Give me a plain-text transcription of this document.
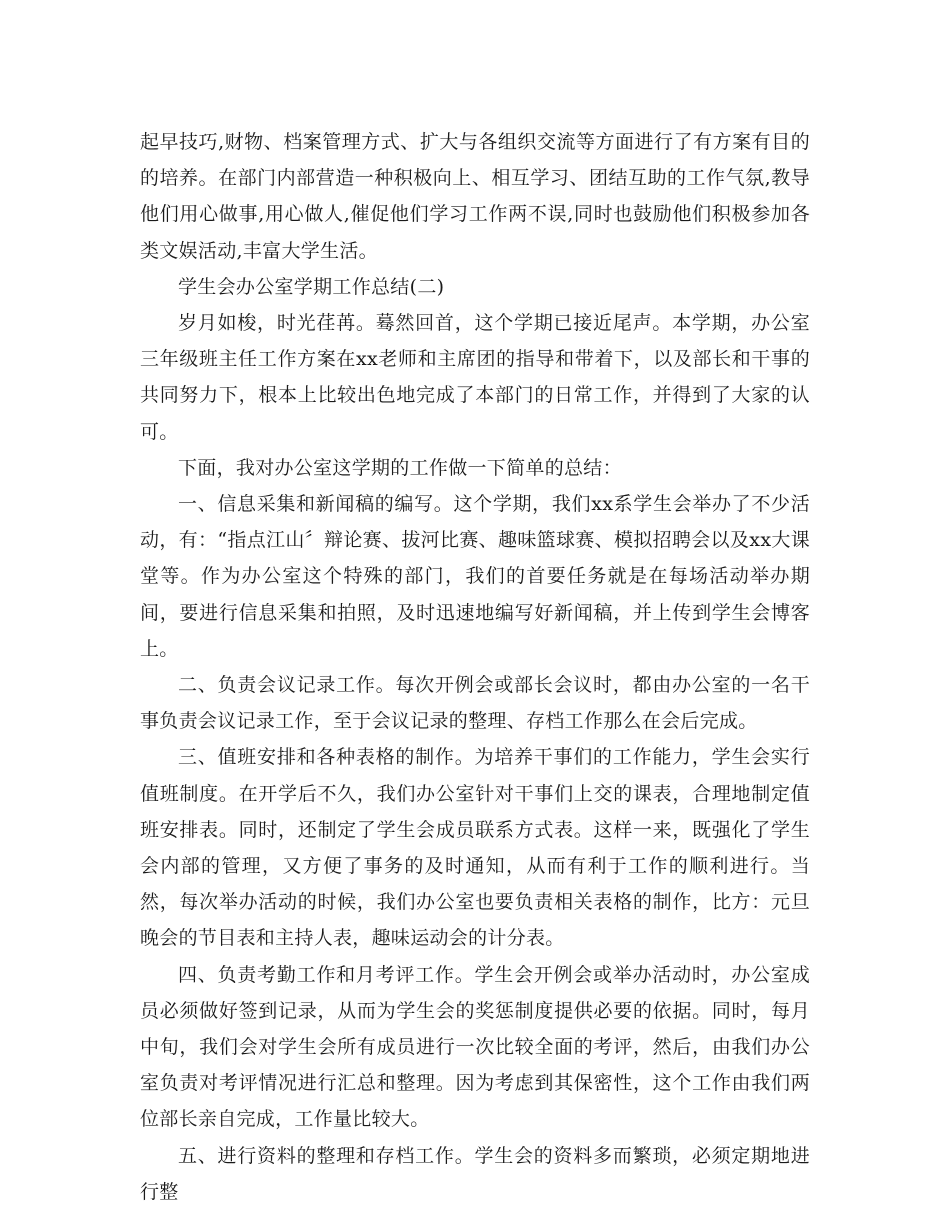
起早技巧,财物、档案管理方式、扩大与各组织交流等方面进行了有方案有目的的培养。在部门内部营造一种积极向上、相互学习、团结互助的工作气氛,教导他们用心做事,用心做人,催促他们学习工作两不误,同时也鼓励他们积极参加各类文娱活动,丰富大学生活。

学生会办公室学期工作总结(二)

岁月如梭，时光荏苒。蓦然回首，这个学期已接近尾声。本学期，办公室三年级班主任工作方案在xx老师和主席团的指导和带着下，以及部长和干事的共同努力下，根本上比较出色地完成了本部门的日常工作，并得到了大家的认可。

下面，我对办公室这学期的工作做一下简单的总结：

一、信息采集和新闻稿的编写。这个学期，我们xx系学生会举办了不少活动，有：“指点江山〞辩论赛、拔河比赛、趣味篮球赛、模拟招聘会以及xx大课堂等。作为办公室这个特殊的部门，我们的首要任务就是在每场活动举办期间，要进行信息采集和拍照，及时迅速地编写好新闻稿，并上传到学生会博客上。

二、负责会议记录工作。每次开例会或部长会议时，都由办公室的一名干事负责会议记录工作，至于会议记录的整理、存档工作那么在会后完成。

三、值班安排和各种表格的制作。为培养干事们的工作能力，学生会实行值班制度。在开学后不久，我们办公室针对干事们上交的课表，合理地制定值班安排表。同时，还制定了学生会成员联系方式表。这样一来，既强化了学生会内部的管理，又方便了事务的及时通知，从而有利于工作的顺利进行。当然，每次举办活动的时候，我们办公室也要负责相关表格的制作，比方：元旦晚会的节目表和主持人表，趣味运动会的计分表。

四、负责考勤工作和月考评工作。学生会开例会或举办活动时，办公室成员必须做好签到记录，从而为学生会的奖惩制度提供必要的依据。同时，每月中旬，我们会对学生会所有成员进行一次比较全面的考评，然后，由我们办公室负责对考评情况进行汇总和整理。因为考虑到其保密性，这个工作由我们两位部长亲自完成，工作量比较大。

五、进行资料的整理和存档工作。学生会的资料多而繁琐，必须定期地进行整
